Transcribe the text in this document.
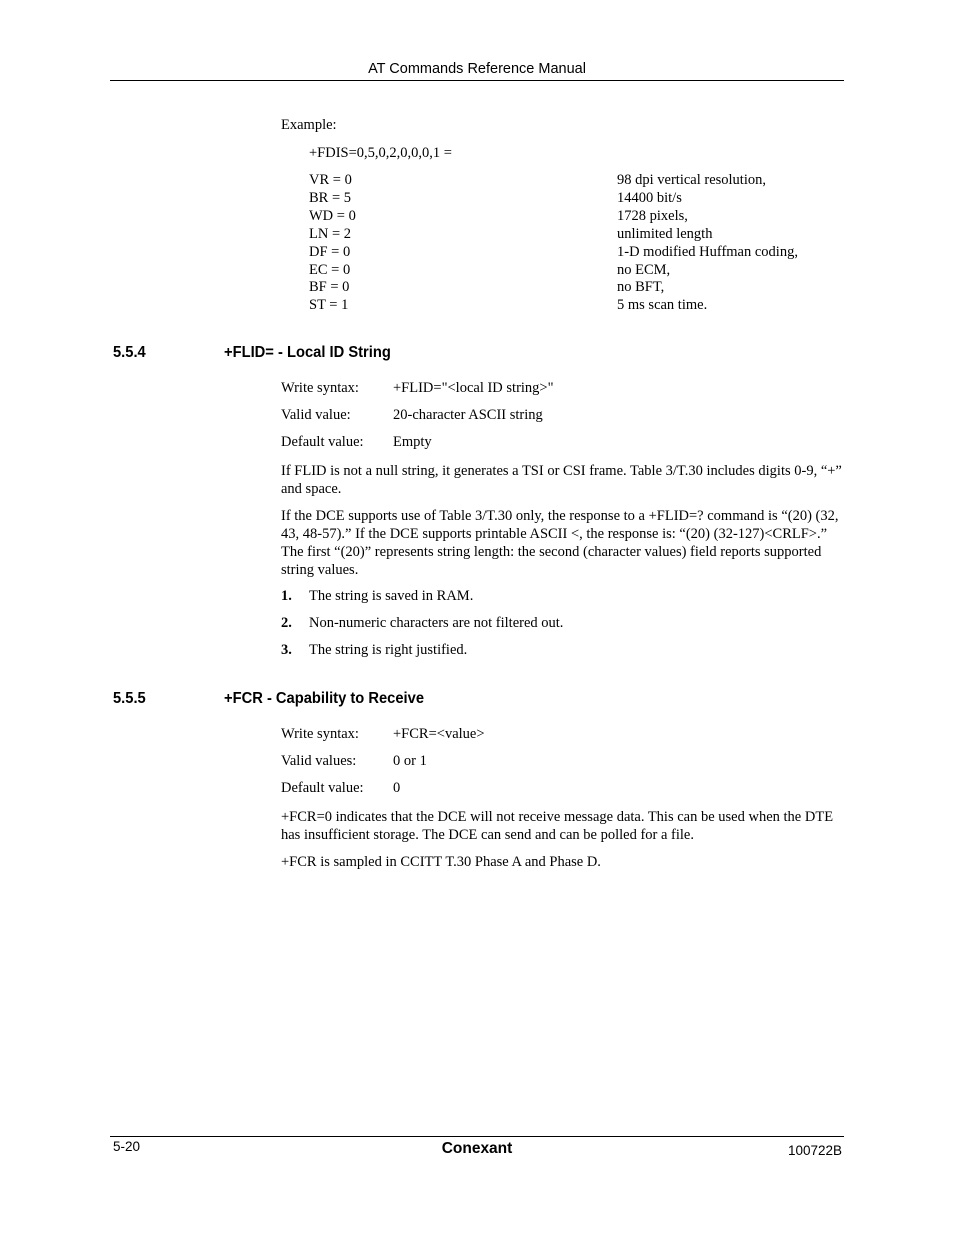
AT Commands Reference Manual
Example:
+FDIS=0,5,0,2,0,0,0,1 =
VR = 0	98 dpi vertical resolution,
BR = 5	14400 bit/s
WD = 0	1728 pixels,
LN = 2	unlimited length
DF = 0	1-D modified Huffman coding,
EC = 0	no ECM,
BF = 0	no BFT,
ST = 1	5 ms scan time.
5.5.4	+FLID= - Local ID String
Write syntax: +FLID="<local ID string>"
Valid value:	20-character ASCII string
Default value: Empty
If FLID is not a null string, it generates a TSI or CSI frame. Table 3/T.30 includes digits 0-9, “+” and space.
If the DCE supports use of Table 3/T.30 only, the response to a +FLID=? command is “(20) (32, 43, 48-57).” If the DCE supports printable ASCII <, the response is: “(20) (32-127)<CRLF>.” The first “(20)” represents string length: the second (character values) field reports supported string values.
1. The string is saved in RAM.
2. Non-numeric characters are not filtered out.
3. The string is right justified.
5.5.5	+FCR - Capability to Receive
Write syntax: +FCR=<value>
Valid values:	0 or 1
Default value: 0
+FCR=0 indicates that the DCE will not receive message data. This can be used when the DTE has insufficient storage. The DCE can send and can be polled for a file.
+FCR is sampled in CCITT T.30 Phase A and Phase D.
5-20	Conexant	100722B
